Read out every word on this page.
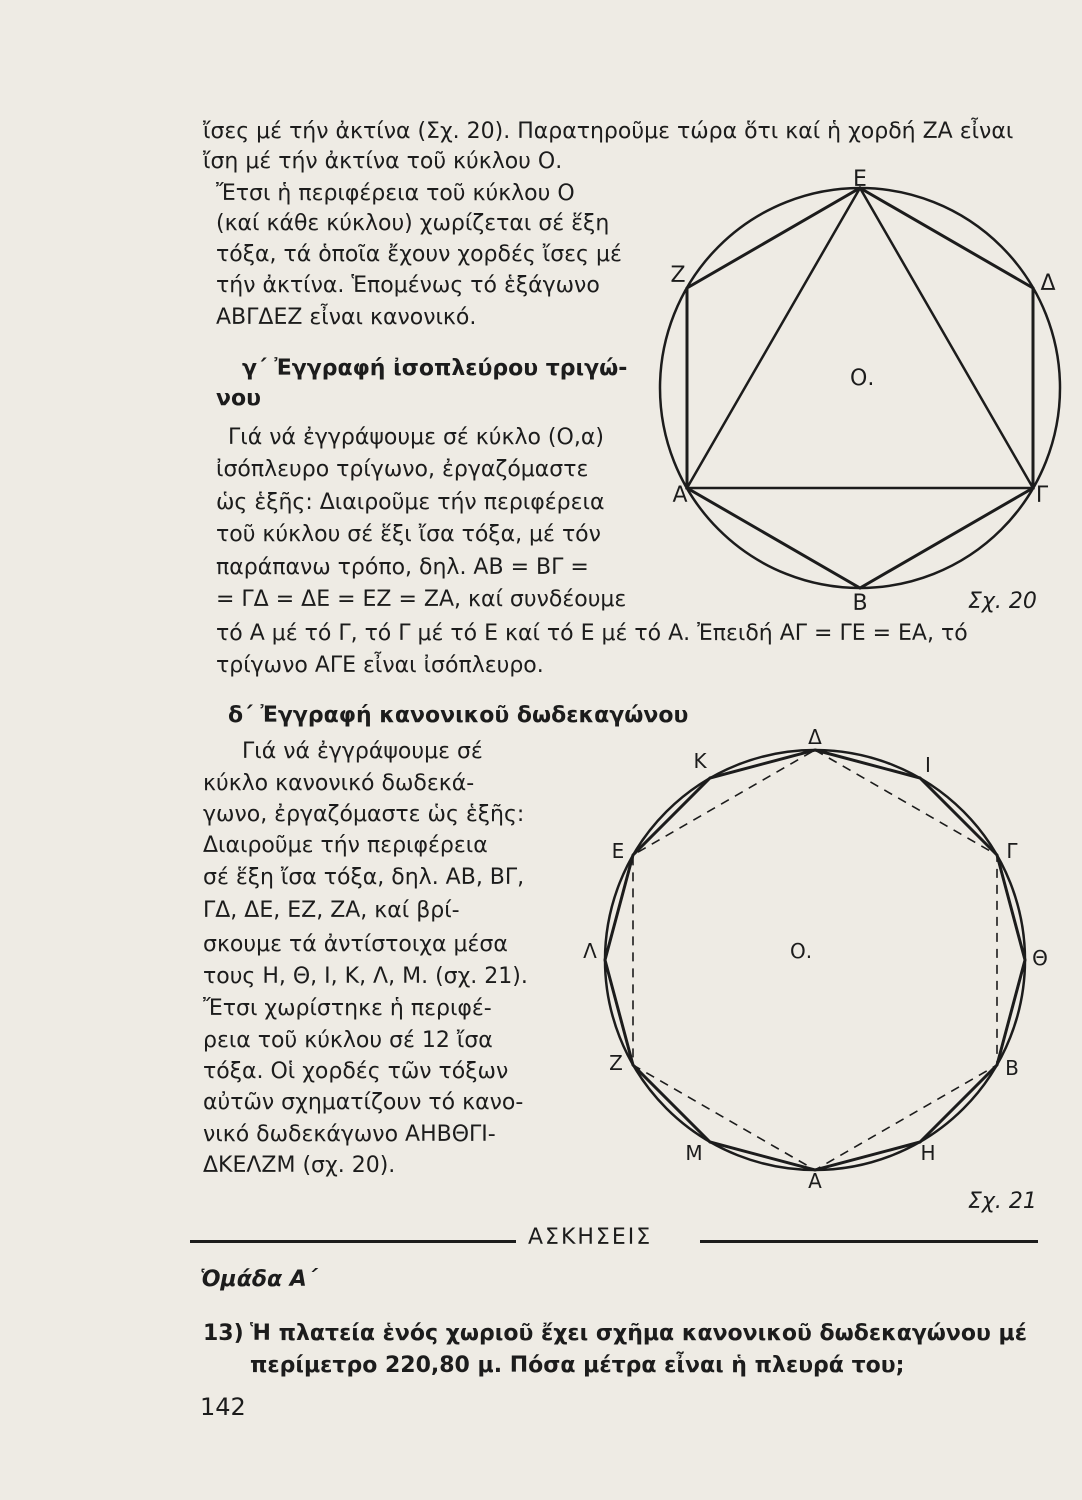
ἴσες μέ τήν ἀκτίνα (Σχ. 20). Παρατηροῦμε τώρα ὅτι καί ἡ χορδή ΖΑ εἶναι
ἴση μέ τήν ἀκτίνα τοῦ κύκλου Ο.
Ἔτσι ἡ περιφέρεια τοῦ κύκλου Ο
(καί κάθε κύκλου) χωρίζεται σέ ἕξη
τόξα, τά ὁποῖα ἔχουν χορδές ἴσες μέ
τήν ἀκτίνα. Ἑπομένως τό ἑξάγωνο
ΑΒΓΔΕΖ εἶναι κανονικό.
γ΄ Ἐγγραφή ἰσοπλεύρου τριγώ-
νου
Γιά νά ἐγγράψουμε σέ κύκλο (Ο,α)
ἰσόπλευρο τρίγωνο, ἐργαζόμαστε
ὡς ἑξῆς: Διαιροῦμε τήν περιφέρεια
τοῦ κύκλου σέ ἕξι ἴσα τόξα, μέ τόν
παράπανω τρόπο, δηλ. ΑΒ = ΒΓ =
= ΓΔ = ΔΕ = ΕΖ = ΖΑ, καί συνδέουμε
τό Α μέ τό Γ, τό Γ μέ τό Ε καί τό Ε μέ τό Α. Ἐπειδή ΑΓ = ΓΕ = ΕΑ, τό
τρίγωνο ΑΓΕ εἶναι ἰσόπλευρο.
δ΄ Ἐγγραφή κανονικοῦ δωδεκαγώνου
Γιά νά ἐγγράψουμε σέ
κύκλο κανονικό δωδεκά-
γωνο, ἐργαζόμαστε ὡς ἑξῆς:
Διαιροῦμε τήν περιφέρεια
σέ ἕξη ἴσα τόξα, δηλ. ΑΒ, ΒΓ,
ΓΔ, ΔΕ, ΕΖ, ΖΑ, καί βρί-
σκουμε τά ἀντίστοιχα μέσα
τους Η, Θ, Ι, Κ, Λ, Μ. (σχ. 21).
Ἔτσι χωρίστηκε ἡ περιφέ-
ρεια τοῦ κύκλου σέ 12 ἴσα
τόξα. Οἱ χορδές τῶν τόξων
αὐτῶν σχηματίζουν τό κανο-
νικό δωδεκάγωνο ΑΗΒΘΓΙ-
ΔΚΕΛΖΜ (σχ. 20).
Ε
Ζ	Δ
Α	Γ
Β
Ο.
Σχ. 20
Δ
Κ	Ι
Ε	Γ
Λ	Θ
Ζ	Β
Μ	Η
Α
Ο.
Σχ. 21
ΑΣΚΗΣΕΙΣ
Ὁμάδα Α΄
13) Ἡ πλατεία ἑνός χωριοῦ ἔχει σχῆμα κανονικοῦ δωδεκαγώνου μέ
περίμετρο 220,80 μ. Πόσα μέτρα εἶναι ἡ πλευρά του;
142
